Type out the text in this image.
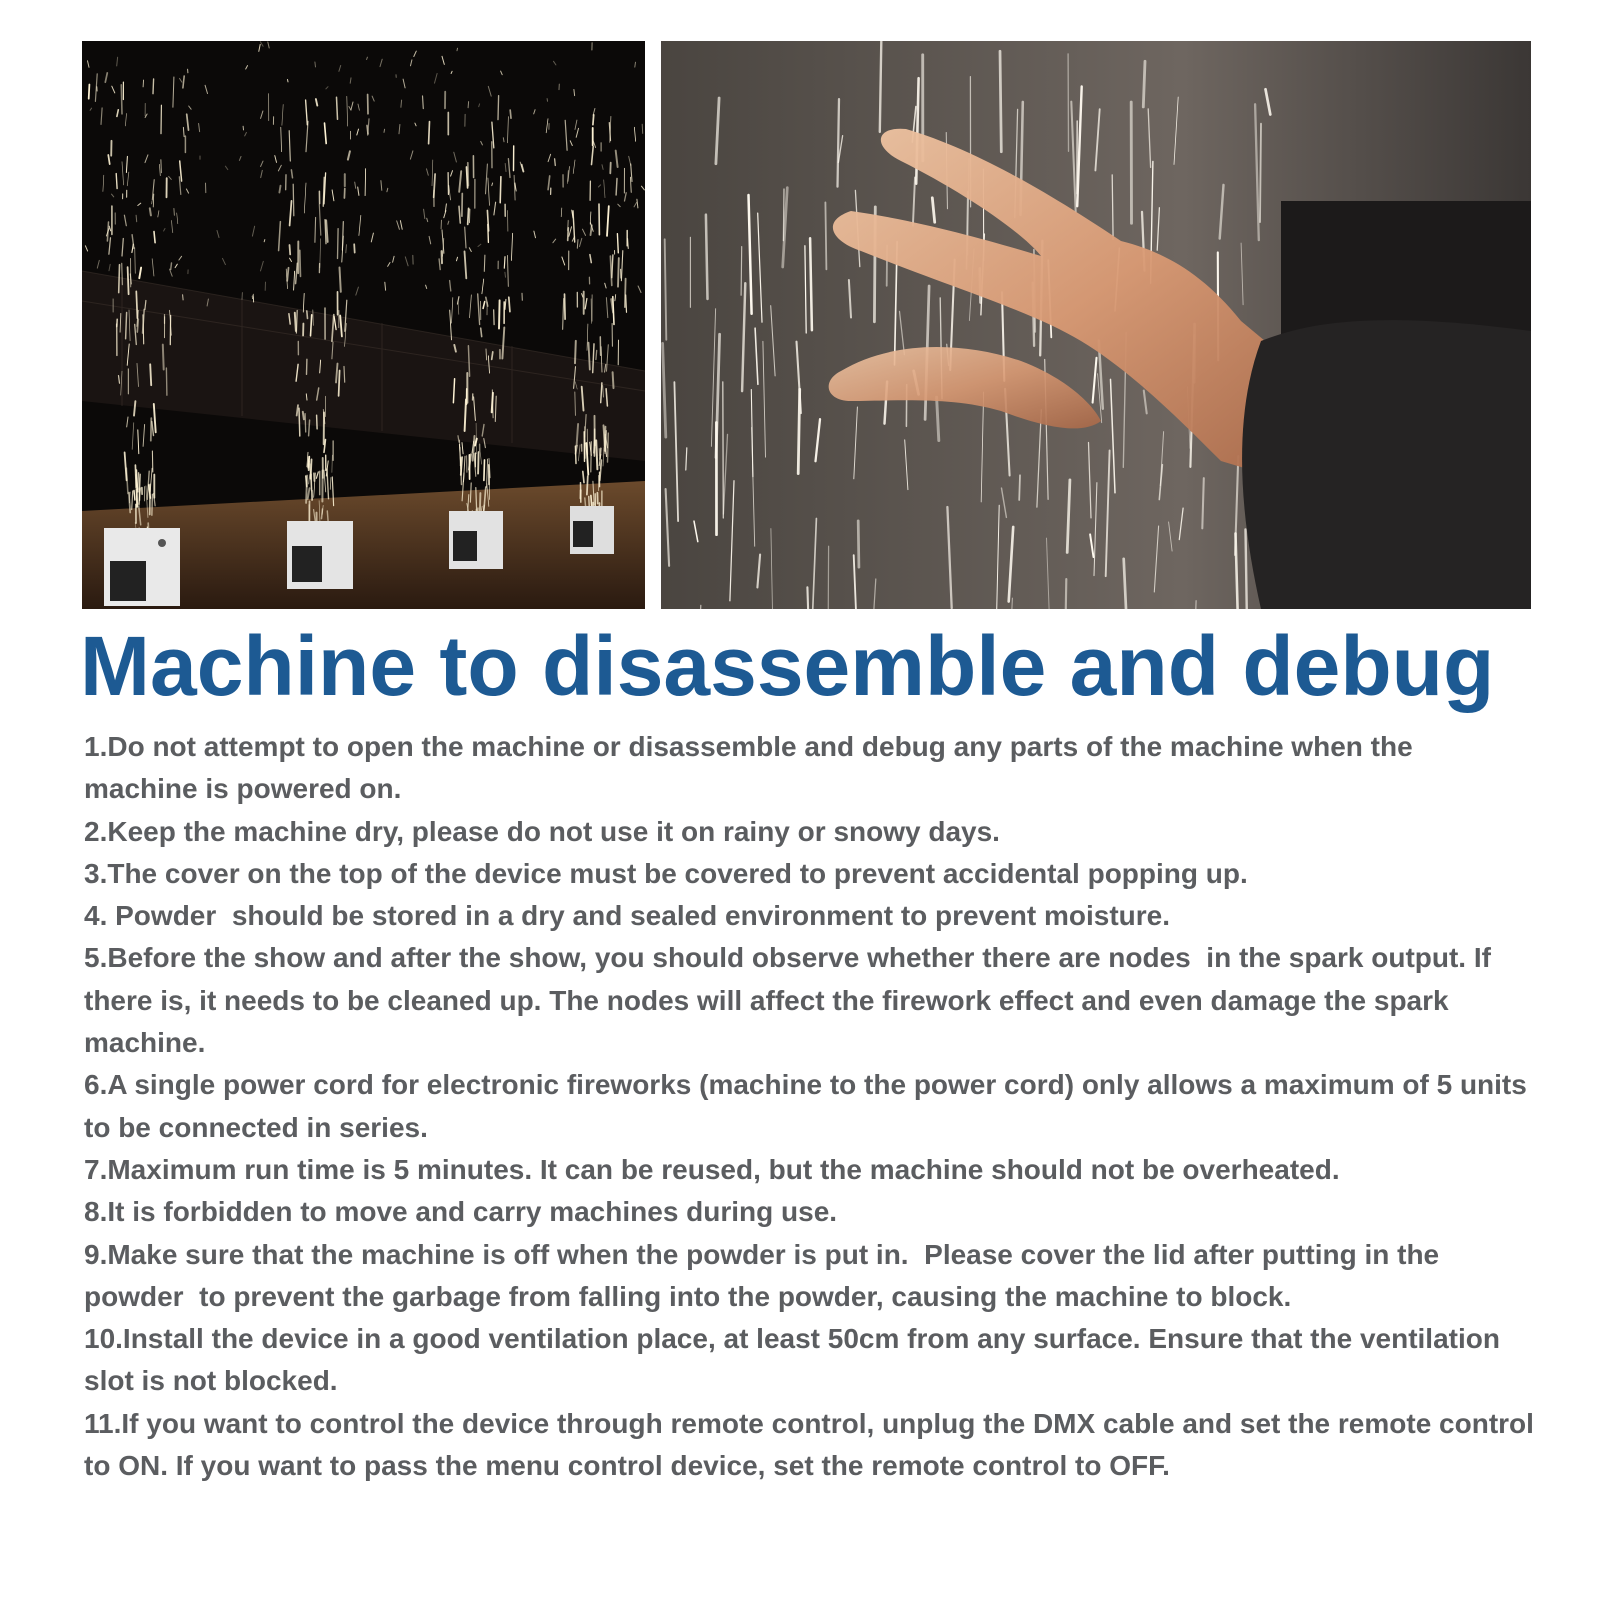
Machine to disassemble and debug
1.Do not attempt to open the machine or disassemble and debug any parts of the machine when the machine is powered on.
2.Keep the machine dry, please do not use it on rainy or snowy days.
3.The cover on the top of the device must be covered to prevent accidental popping up.
4. Powder  should be stored in a dry and sealed environment to prevent moisture.
5.Before the show and after the show, you should observe whether there are nodes  in the spark output. If there is, it needs to be cleaned up. The nodes will affect the firework effect and even damage the spark machine.
6.A single power cord for electronic fireworks (machine to the power cord) only allows a maximum of 5 units to be connected in series.
7.Maximum run time is 5 minutes. It can be reused, but the machine should not be overheated.
8.It is forbidden to move and carry machines during use.
9.Make sure that the machine is off when the powder is put in.  Please cover the lid after putting in the powder  to prevent the garbage from falling into the powder, causing the machine to block.
10.Install the device in a good ventilation place, at least 50cm from any surface. Ensure that the ventilation slot is not blocked.
11.If you want to control the device through remote control, unplug the DMX cable and set the remote control to ON. If you want to pass the menu control device, set the remote control to OFF.
